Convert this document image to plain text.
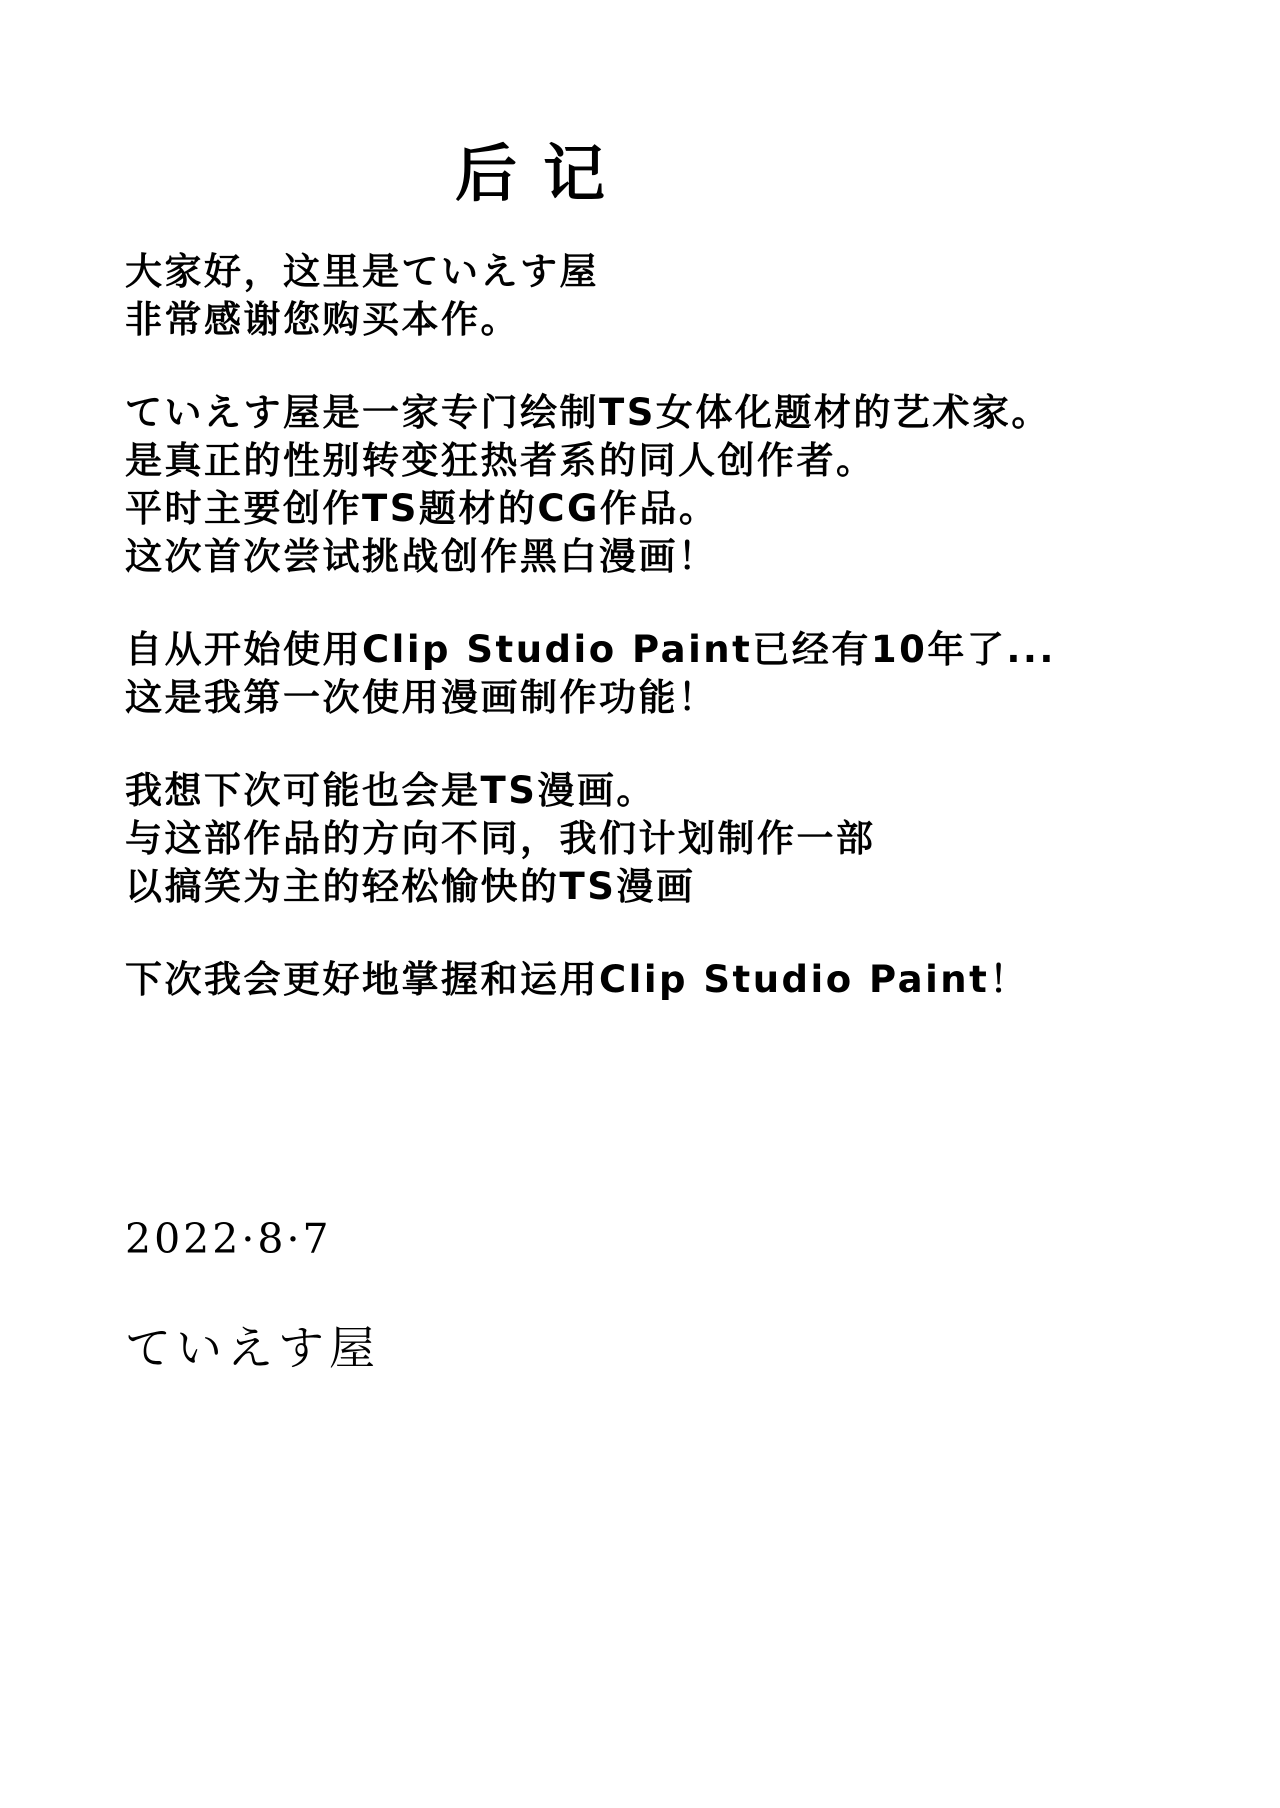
后记
大家好，这里是ていえす屋
非常感谢您购买本作。
ていえす屋是一家专门绘制TS女体化题材的艺术家。
是真正的性别转变狂热者系的同人创作者。
平时主要创作TS题材的CG作品。
这次首次尝试挑战创作黑白漫画！
自从开始使用Clip Studio Paint已经有10年了...
这是我第一次使用漫画制作功能！
我想下次可能也会是TS漫画。
与这部作品的方向不同，我们计划制作一部
以搞笑为主的轻松愉快的TS漫画
下次我会更好地掌握和运用Clip Studio Paint！
2022·8·7
ていえす屋
